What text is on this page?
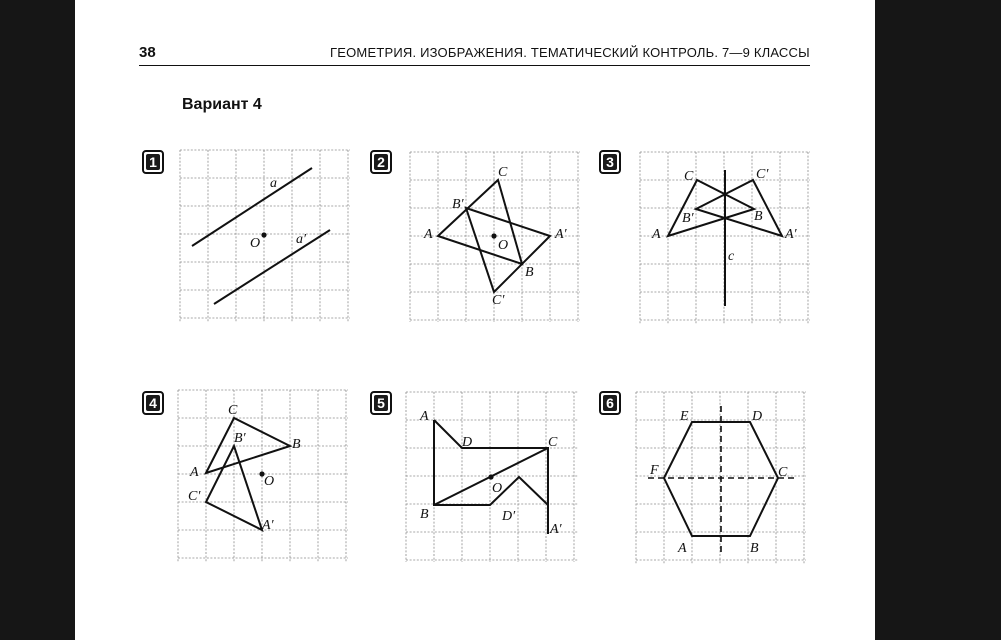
38	ГЕОМЕТРИЯ. ИЗОБРАЖЕНИЯ. ТЕМАТИЧЕСКИЙ КОНТРОЛЬ. 7—9 КЛАССЫ
Вариант 4
1	2	3
4	5	6
a
a′
O
A
B
C
A′
B′
C′
O
A
B
C
A′
B′
C′
c
A
B
C
A′
B′
C′
O
A
B
C
D
A′
D′
O
A	B
C
D
E
F
